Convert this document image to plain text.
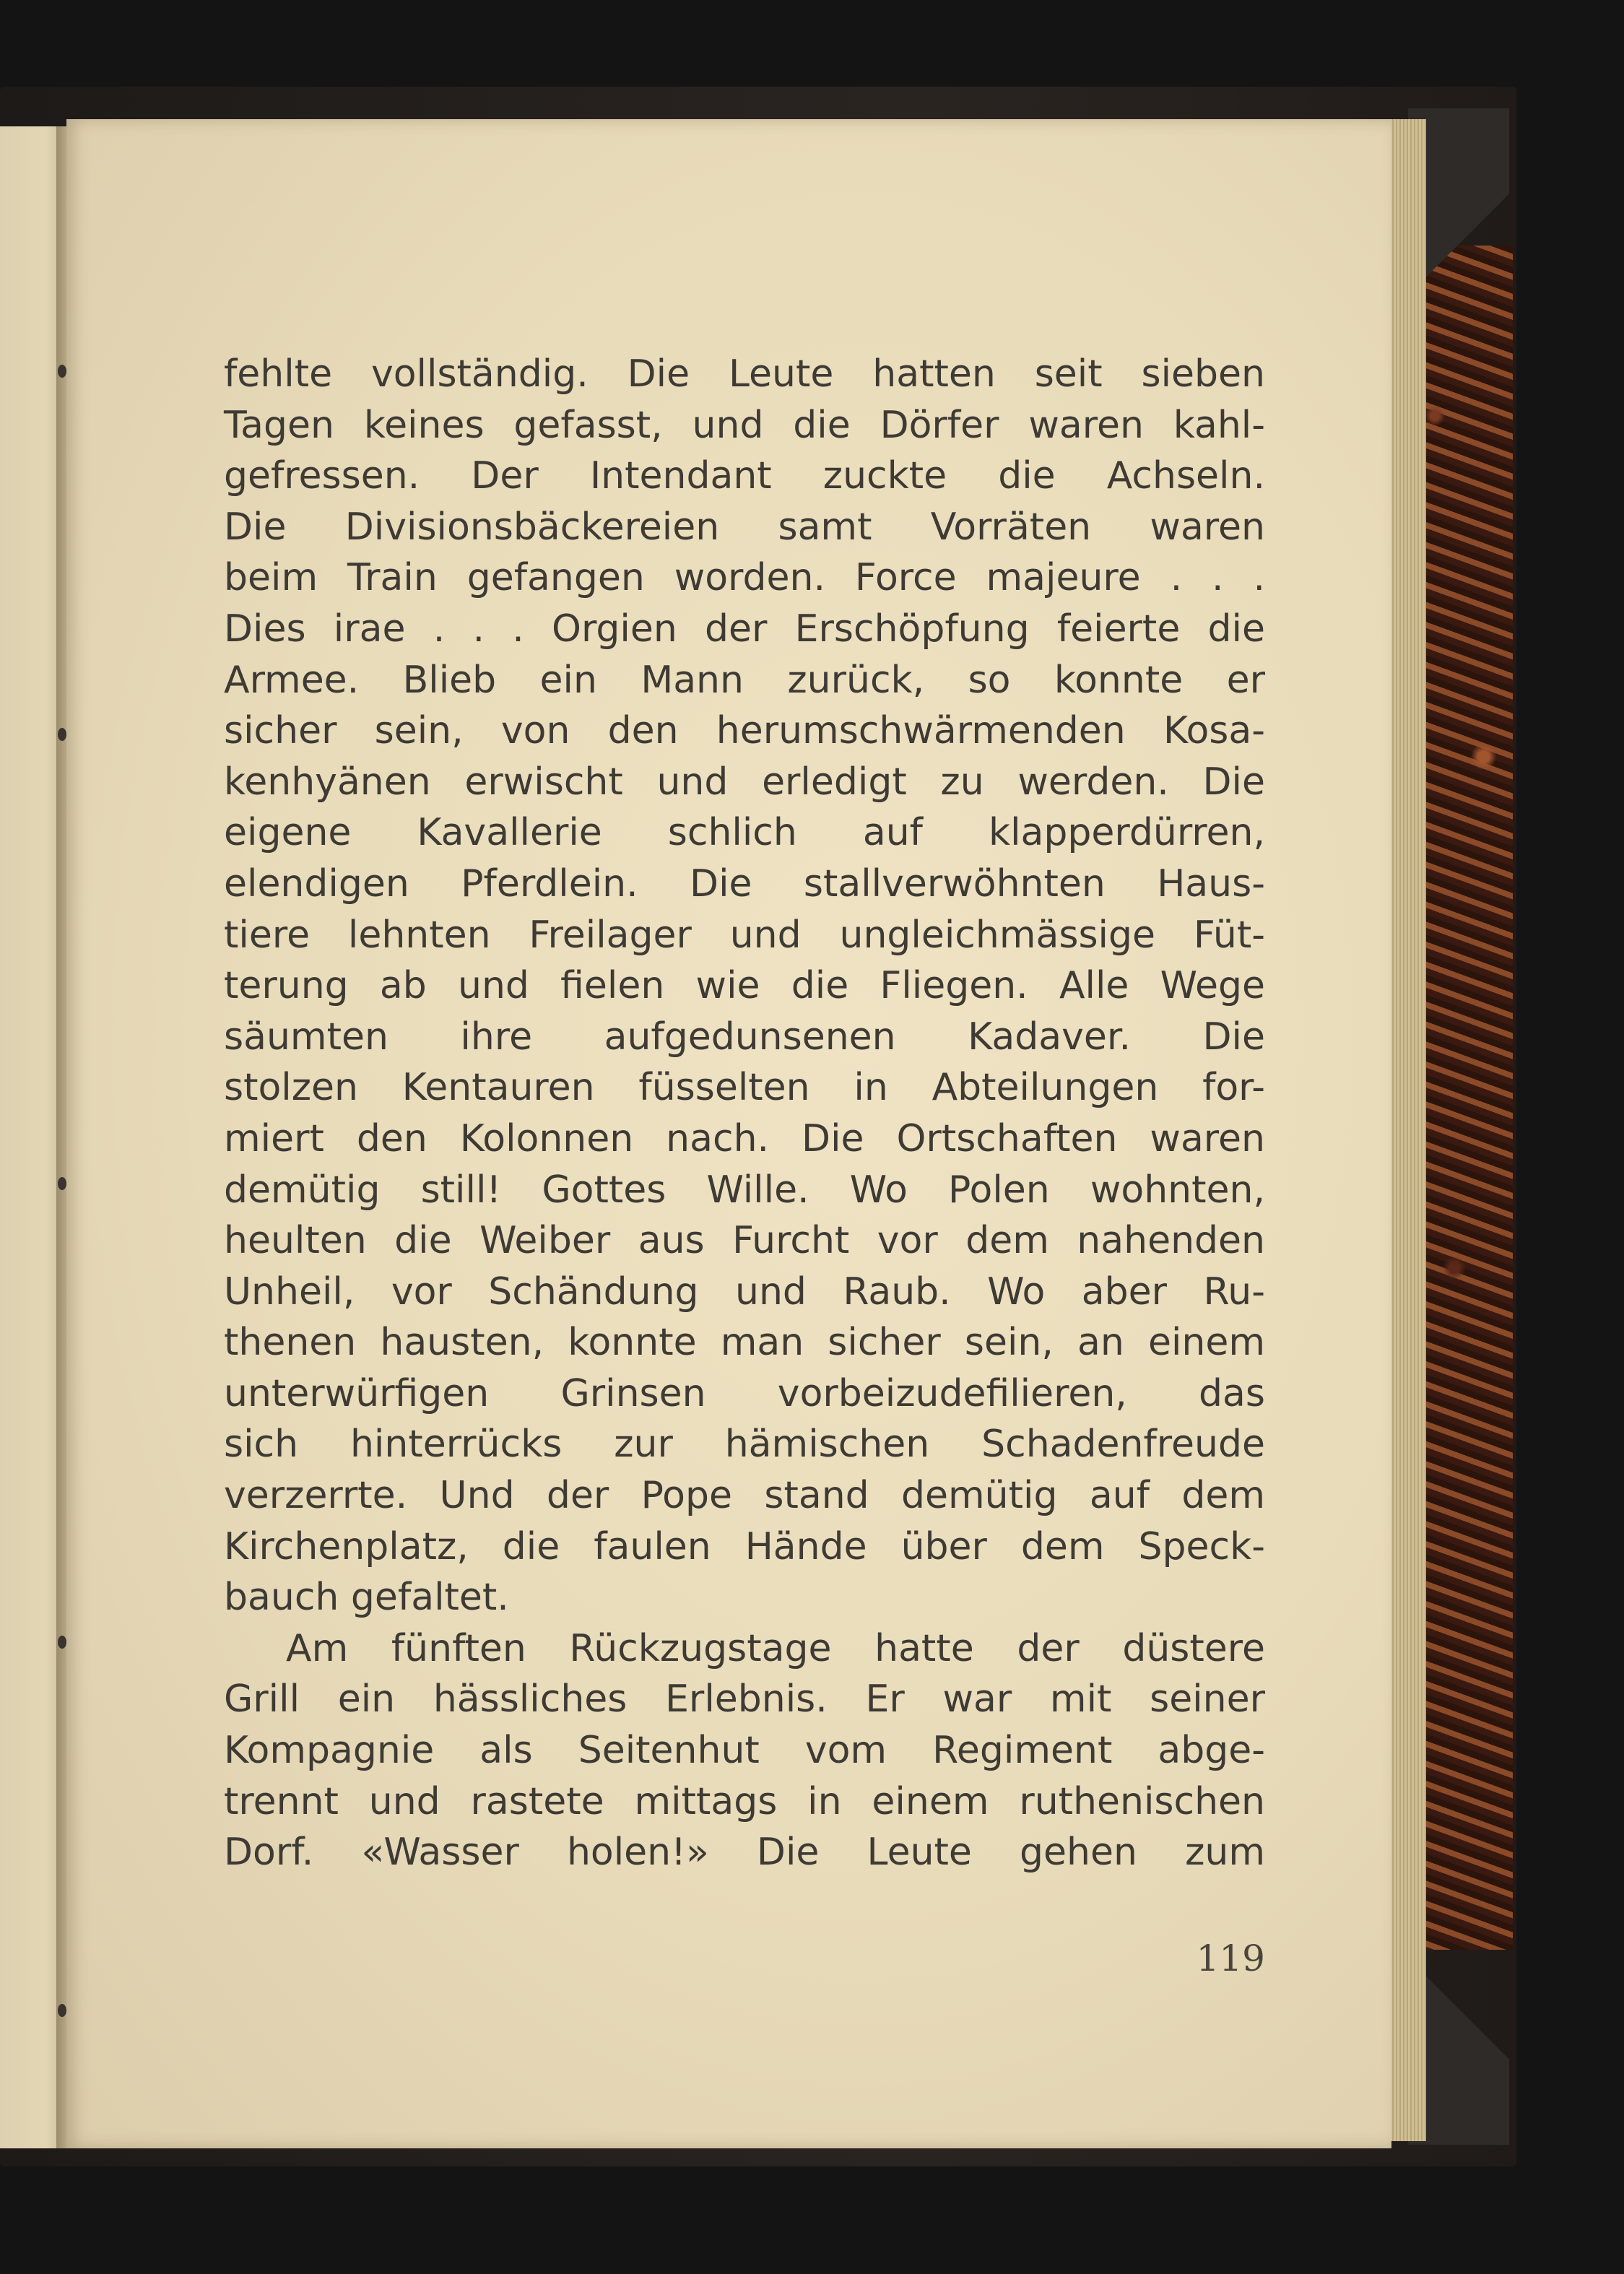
fehlte vollständig. Die Leute hatten seit sieben
Tagen keines gefasst, und die Dörfer waren kahl-
gefressen. Der Intendant zuckte die Achseln.
Die Divisionsbäckereien samt Vorräten waren
beim Train gefangen worden. Force majeure . . .
Dies irae . . . Orgien der Erschöpfung feierte die
Armee. Blieb ein Mann zurück, so konnte er
sicher sein, von den herumschwärmenden Kosa-
kenhyänen erwischt und erledigt zu werden. Die
eigene Kavallerie schlich auf klapperdürren,
elendigen Pferdlein. Die stallverwöhnten Haus-
tiere lehnten Freilager und ungleichmässige Füt-
terung ab und fielen wie die Fliegen. Alle Wege
säumten ihre aufgedunsenen Kadaver. Die
stolzen Kentauren füsselten in Abteilungen for-
miert den Kolonnen nach. Die Ortschaften waren
demütig still! Gottes Wille. Wo Polen wohnten,
heulten die Weiber aus Furcht vor dem nahenden
Unheil, vor Schändung und Raub. Wo aber Ru-
thenen hausten, konnte man sicher sein, an einem
unterwürfigen Grinsen vorbeizudefilieren, das
sich hinterrücks zur hämischen Schadenfreude
verzerrte. Und der Pope stand demütig auf dem
Kirchenplatz, die faulen Hände über dem Speck-
bauch gefaltet.
Am fünften Rückzugstage hatte der düstere
Grill ein hässliches Erlebnis. Er war mit seiner
Kompagnie als Seitenhut vom Regiment abge-
trennt und rastete mittags in einem ruthenischen
Dorf. «Wasser holen!» Die Leute gehen zum
119
